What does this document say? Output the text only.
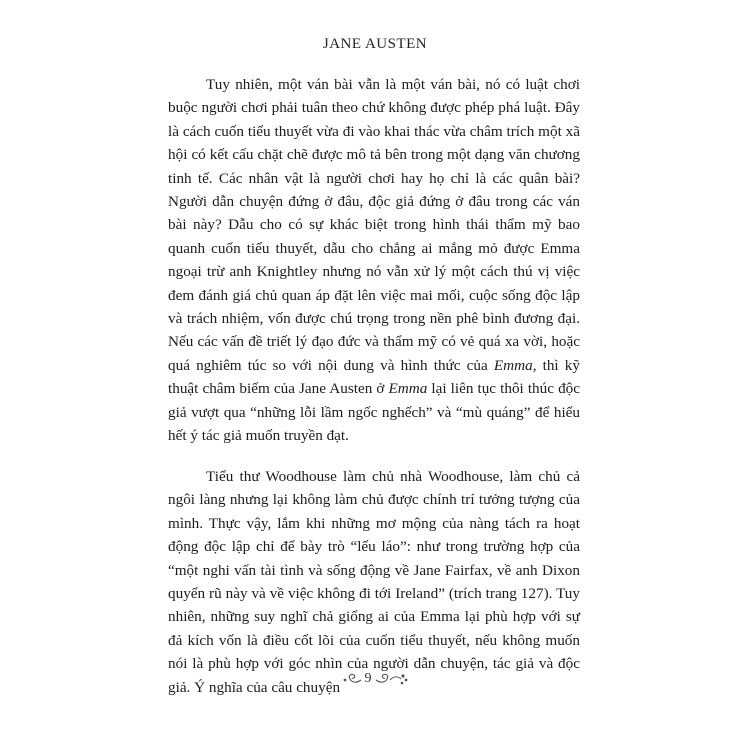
JANE AUSTEN

Tuy nhiên, một ván bài vẫn là một ván bài, nó có luật chơi buộc người chơi phải tuân theo chứ không được phép phá luật. Đây là cách cuốn tiểu thuyết vừa đi vào khai thác vừa châm trích một xã hội có kết cấu chặt chẽ được mô tả bên trong một dạng văn chương tinh tế. Các nhân vật là người chơi hay họ chỉ là các quân bài? Người dẫn chuyện đứng ở đâu, độc giả đứng ở đâu trong các ván bài này? Dẫu cho có sự khác biệt trong hình thái thẩm mỹ bao quanh cuốn tiểu thuyết, dẫu cho chẳng ai mắng mỏ được Emma ngoại trừ anh Knightley nhưng nó vẫn xử lý một cách thú vị việc đem đánh giá chủ quan áp đặt lên việc mai mối, cuộc sống độc lập và trách nhiệm, vốn được chú trọng trong nền phê bình đương đại. Nếu các vấn đề triết lý đạo đức và thẩm mỹ có vẻ quá xa vời, hoặc quá nghiêm túc so với nội dung và hình thức của Emma, thì kỹ thuật châm biếm của Jane Austen ở Emma lại liên tục thôi thúc độc giả vượt qua “những lỗi lầm ngốc nghếch” và “mù quáng” để hiểu hết ý tác giả muốn truyền đạt.

Tiểu thư Woodhouse làm chủ nhà Woodhouse, làm chủ cả ngôi làng nhưng lại không làm chủ được chính trí tưởng tượng của mình. Thực vậy, lắm khi những mơ mộng của nàng tách ra hoạt động độc lập chỉ để bày trò “lếu láo”: như trong trường hợp của “một nghi vấn tài tình và sống động về Jane Fairfax, về anh Dixon quyến rũ này và về việc không đi tới Ireland” (trích trang 127). Tuy nhiên, những suy nghĩ chả giống ai của Emma lại phù hợp với sự đả kích vốn là điều cốt lõi của cuốn tiểu thuyết, nếu không muốn nói là phù hợp với góc nhìn của người dẫn chuyện, tác giả và độc giả. Ý nghĩa của câu chuyện

9
